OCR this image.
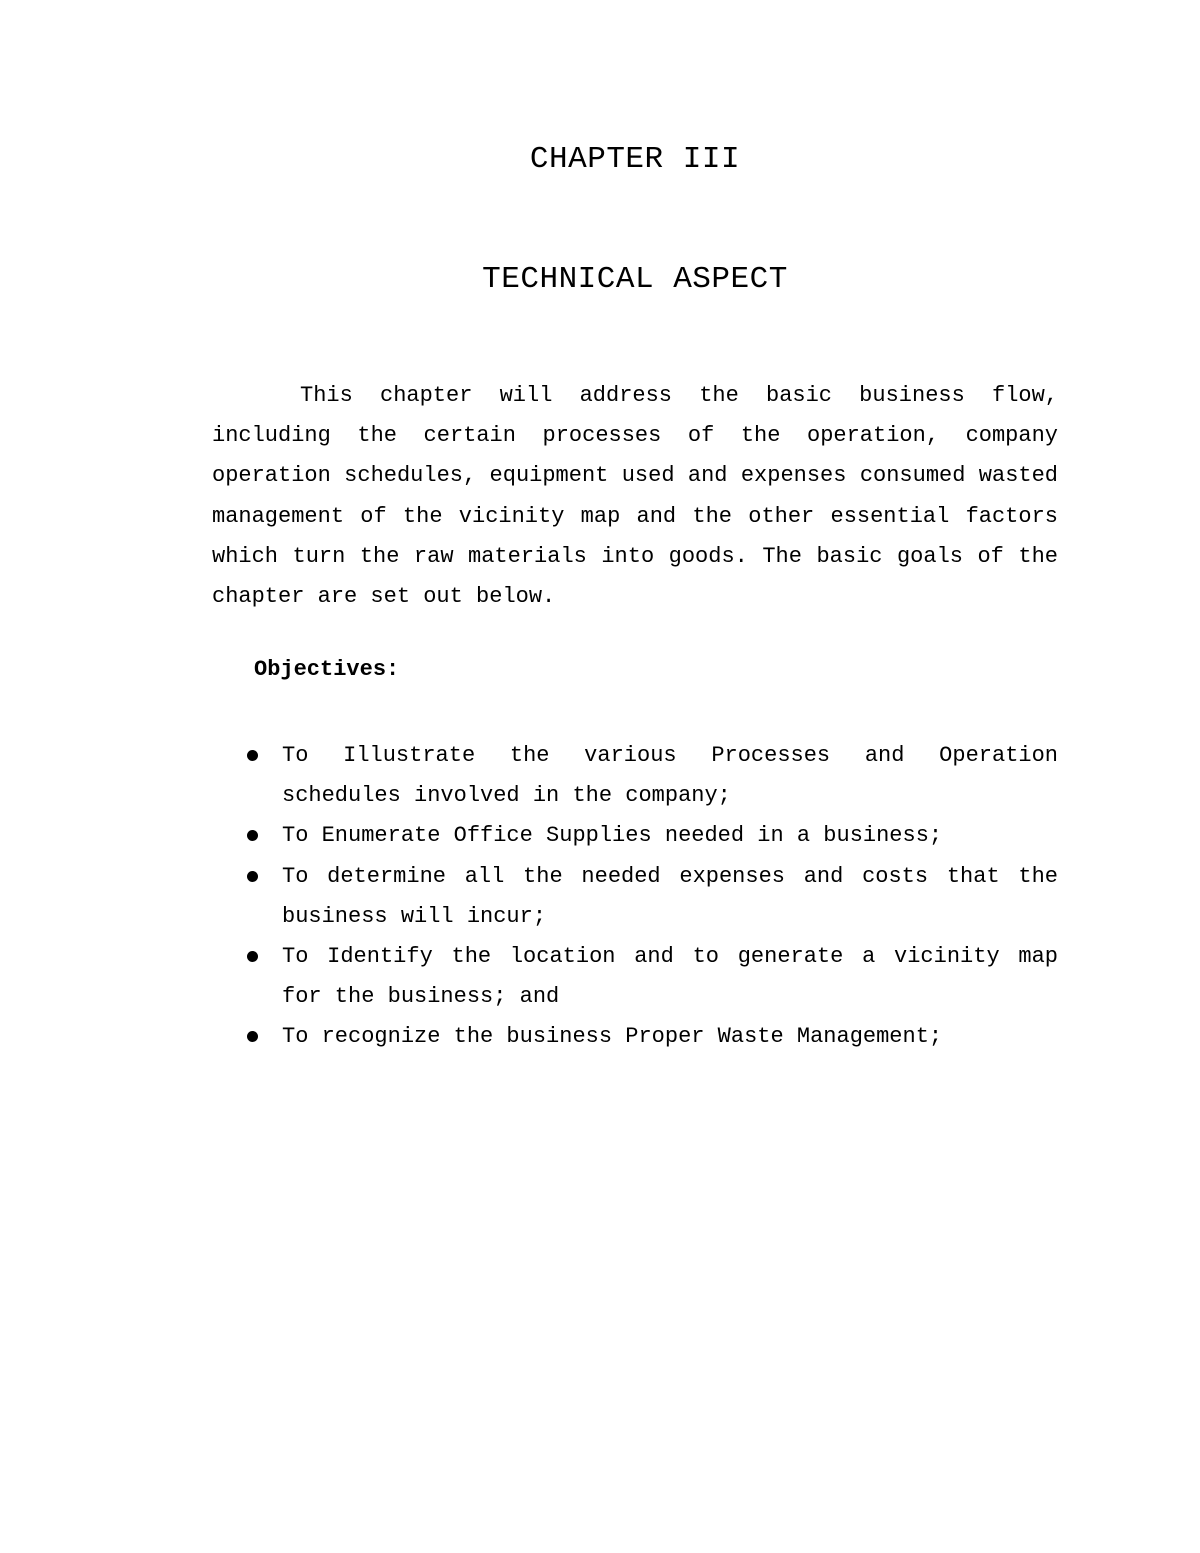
CHAPTER III
TECHNICAL ASPECT

This chapter will address the basic business flow, including the certain processes of the operation, company operation schedules, equipment used and expenses consumed wasted management of the vicinity map and the other essential factors which turn the raw materials into goods. The basic goals of the chapter are set out below.

Objectives:

To Illustrate the various Processes and Operation schedules involved in the company;
To Enumerate Office Supplies needed in a business;
To determine all the needed expenses and costs that the business will incur;
To Identify the location and to generate a vicinity map for the business; and
To recognize the business Proper Waste Management;
